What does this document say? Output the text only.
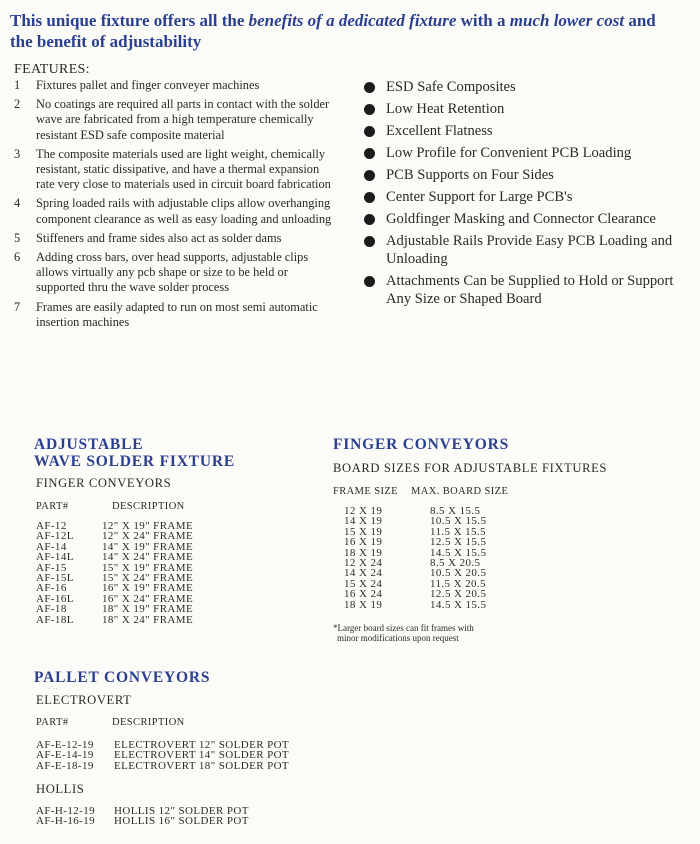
This unique fixture offers all the benefits of a dedicated fixture with a much lower cost and the benefit of adjustability
FEATURES:
1	Fixtures pallet and finger conveyer machines
2	No coatings are required all parts in contact with the solder wave are fabricated from a high temperature chemically resistant ESD safe composite material
3	The composite materials used are light weight, chemically resistant, static dissipative, and have a thermal expansion rate very close to materials used in circuit board fabrication
4	Spring loaded rails with adjustable clips allow overhanging component clearance as well as easy loading and unloading
5	Stiffeners and frame sides also act as solder dams
6	Adding cross bars, over head supports, adjustable clips allows virtually any pcb shape or size to be held or supported thru the wave solder process
7	Frames are easily adapted to run on most semi automatic insertion machines
ESD Safe Composites
Low Heat Retention
Excellent Flatness
Low Profile for Convenient PCB Loading
PCB Supports on Four Sides
Center Support for Large PCB's
Goldfinger Masking and Connector Clearance
Adjustable Rails Provide Easy PCB Loading and Unloading
Attachments Can be Supplied to Hold or Support Any Size or Shaped Board
ADJUSTABLE
WAVE SOLDER FIXTURE
FINGER CONVEYORS
PART#	DESCRIPTION
AF-12	12" X 19" FRAME
AF-12L	12" X 24" FRAME
AF-14	14" X 19" FRAME
AF-14L	14" X 24" FRAME
AF-15	15" X 19" FRAME
AF-15L	15" X 24" FRAME
AF-16	16" X 19" FRAME
AF-16L	16" X 24" FRAME
AF-18	18" X 19" FRAME
AF-18L	18" X 24" FRAME
FINGER CONVEYORS
BOARD SIZES FOR ADJUSTABLE FIXTURES
FRAME SIZE MAX. BOARD SIZE
12 X 19	8.5 X 15.5
14 X 19	10.5 X 15.5
15 X 19	11.5 X 15.5
16 X 19	12.5 X 15.5
18 X 19	14.5 X 15.5
12 X 24	8.5 X 20.5
14 X 24	10.5 X 20.5
15 X 24	11.5 X 20.5
16 X 24	12.5 X 20.5
18 X 19	14.5 X 15.5
*Larger board sizes can fit frames with
minor modifications upon request
PALLET CONVEYORS
·´··
ELECTROVERT
PART#	DESCRIPTION
AF-E-12-19	ELECTROVERT 12" SOLDER POT
AF-E-14-19	ELECTROVERT 14" SOLDER POT
AF-E-18-19	ELECTROVERT 18" SOLDER POT
HOLLIS
AF-H-12-19	HOLLIS 12" SOLDER POT
AF-H-16-19	HOLLIS 16" SOLDER POT
